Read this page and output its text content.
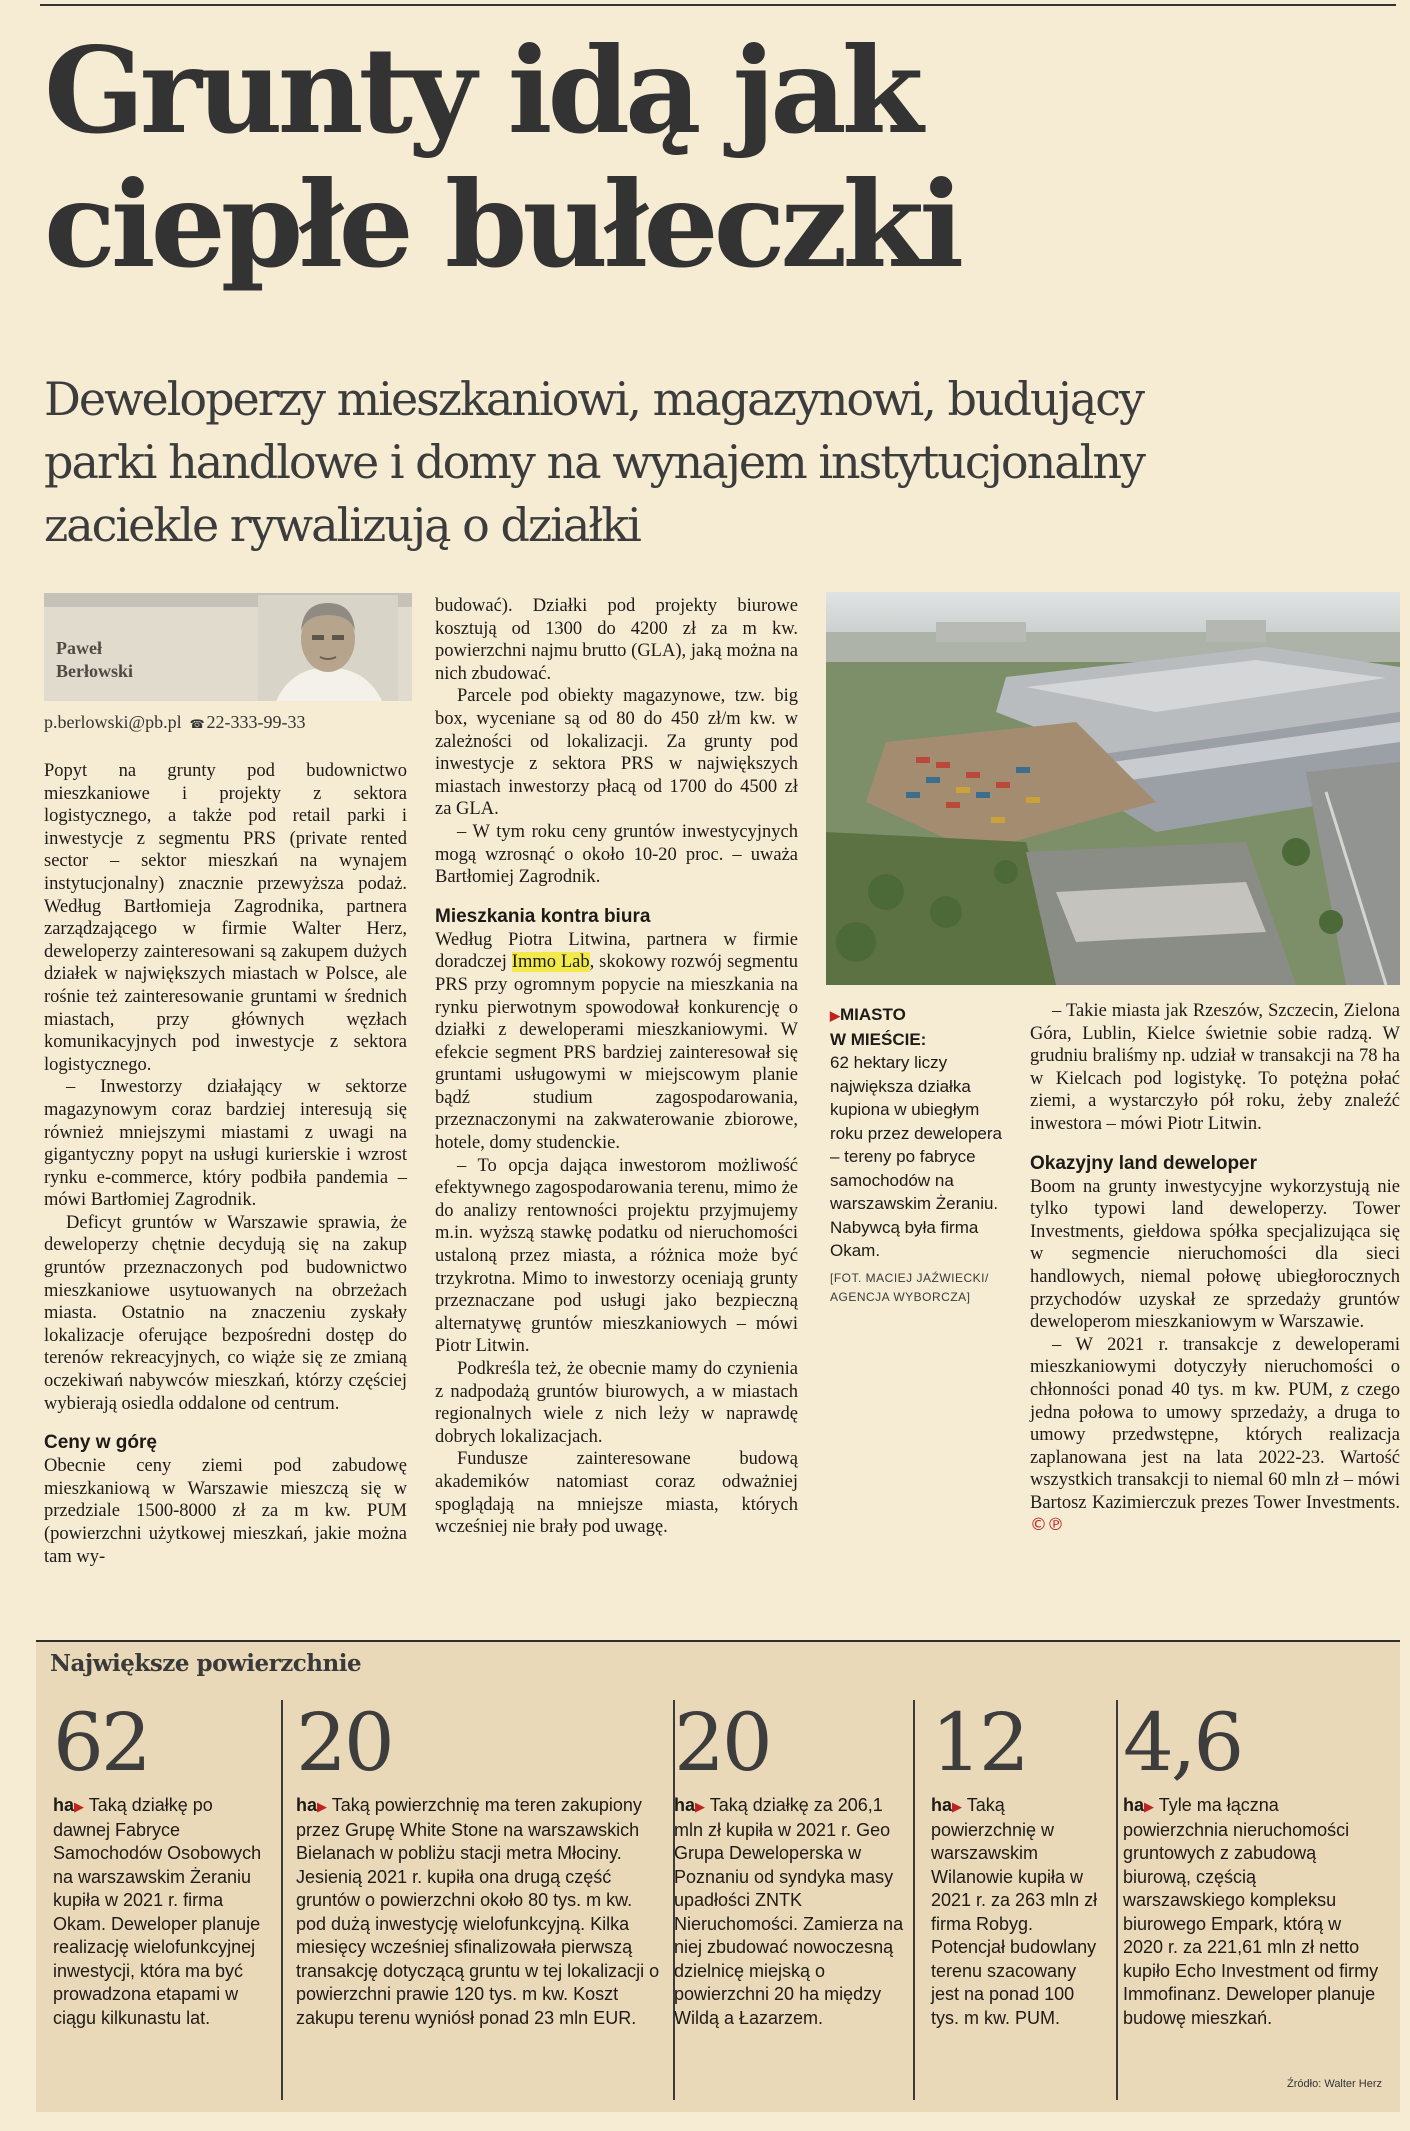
Grunty idą jak
ciepłe bułeczki
Deweloperzy mieszkaniowi, magazynowi, budujący
parki handlowe i domy na wynajem instytucjonalny
zaciekle rywalizują o działki
Paweł
Berłowski
p.berlowski@pb.pl ☎ 22-333-99-33

Popyt na grunty pod budownictwo mieszkaniowe i projekty z sektora logistycznego, a także pod retail parki i inwestycje z segmentu PRS (private rented sector – sektor mieszkań na wynajem instytucjonalny) znacznie przewyższa podaż. Według Bartłomieja Zagrodnika, partnera zarządzającego w firmie Walter Herz, deweloperzy zainteresowani są zakupem dużych działek w największych miastach w Polsce, ale rośnie też zainteresowanie gruntami w średnich miastach, przy głównych węzłach komunikacyjnych pod inwestycje z sektora logistycznego.

– Inwestorzy działający w sektorze magazynowym coraz bardziej interesują się również mniejszymi miastami z uwagi na gigantyczny popyt na usługi kurierskie i wzrost rynku e-commerce, który podbiła pandemia – mówi Bartłomiej Zagrodnik.

Deficyt gruntów w Warszawie sprawia, że deweloperzy chętnie decydują się na zakup gruntów przeznaczonych pod budownictwo mieszkaniowe usytuowanych na obrzeżach miasta. Ostatnio na znaczeniu zyskały lokalizacje oferujące bezpośredni dostęp do terenów rekreacyjnych, co wiąże się ze zmianą oczekiwań nabywców mieszkań, którzy częściej wybierają osiedla oddalone od centrum.

Ceny w górę

Obecnie ceny ziemi pod zabudowę mieszkaniową w Warszawie mieszczą się w przedziale 1500-8000 zł za m kw. PUM (powierzchni użytkowej mieszkań, jakie można tam wy-

budować). Działki pod projekty biurowe kosztują od 1300 do 4200 zł za m kw. powierzchni najmu brutto (GLA), jaką można na nich zbudować.

Parcele pod obiekty magazynowe, tzw. big box, wyceniane są od 80 do 450 zł/m kw. w zależności od lokalizacji. Za grunty pod inwestycje z sektora PRS w największych miastach inwestorzy płacą od 1700 do 4500 zł za GLA.

– W tym roku ceny gruntów inwestycyjnych mogą wzrosnąć o około 10-20 proc. – uważa Bartłomiej Zagrodnik.

Mieszkania kontra biura

Według Piotra Litwina, partnera w firmie doradczej Immo Lab, skokowy rozwój segmentu PRS przy ogromnym popycie na mieszkania na rynku pierwotnym spowodował konkurencję o działki z deweloperami mieszkaniowymi. W efekcie segment PRS bardziej zainteresował się gruntami usługowymi w miejscowym planie bądź studium zagospodarowania, przeznaczonymi na zakwaterowanie zbiorowe, hotele, domy studenckie.

– To opcja dająca inwestorom możliwość efektywnego zagospodarowania terenu, mimo że do analizy rentowności projektu przyjmujemy m.in. wyższą stawkę podatku od nieruchomości ustaloną przez miasta, a różnica może być trzykrotna. Mimo to inwestorzy oceniają grunty przeznaczane pod usługi jako bezpieczną alternatywę gruntów mieszkaniowych – mówi Piotr Litwin.

Podkreśla też, że obecnie mamy do czynienia z nadpodażą gruntów biurowych, a w miastach regionalnych wiele z nich leży w naprawdę dobrych lokalizacjach.

Fundusze zainteresowane budową akademików natomiast coraz odważniej spoglądają na mniejsze miasta, których wcześniej nie brały pod uwagę.

▶MIASTO
W MIEŚCIE:
62 hektary liczy największa działka kupiona w ubiegłym roku przez dewelopera – tereny po fabryce samochodów na warszawskim Żeraniu. Nabywcą była firma Okam.
[FOT. MACIEJ JAŹWIECKI/ AGENCJA WYBORCZA]

– Takie miasta jak Rzeszów, Szczecin, Zielona Góra, Lublin, Kielce świetnie sobie radzą. W grudniu braliśmy np. udział w transakcji na 78 ha w Kielcach pod logistykę. To potężna połać ziemi, a wystarczyło pół roku, żeby znaleźć inwestora – mówi Piotr Litwin.

Okazyjny land deweloper

Boom na grunty inwestycyjne wykorzystują nie tylko typowi land deweloperzy. Tower Investments, giełdowa spółka specjalizująca się w segmencie nieruchomości dla sieci handlowych, niemal połowę ubiegłorocznych przychodów uzyskał ze sprzedaży gruntów deweloperom mieszkaniowym w Warszawie.

– W 2021 r. transakcje z deweloperami mieszkaniowymi dotyczyły nieruchomości o chłonności ponad 40 tys. m kw. PUM, z czego jedna połowa to umowy sprzedaży, a druga to umowy przedwstępne, których realizacja zaplanowana jest na lata 2022-23. Wartość wszystkich transakcji to niemal 60 mln zł – mówi Bartosz Kazimierczuk prezes Tower Investments. ©℗

Największe powierzchnie
62
ha▶ Taką działkę po dawnej Fabryce Samochodów Osobowych na warszawskim Żeraniu kupiła w 2021 r. firma Okam. Deweloper planuje realizację wielofunkcyjnej inwestycji, która ma być prowadzona etapami w ciągu kilkunastu lat.
20
ha▶ Taką powierzchnię ma teren zakupiony przez Grupę White Stone na warszawskich Bielanach w pobliżu stacji metra Młociny. Jesienią 2021 r. kupiła ona drugą część gruntów o powierzchni około 80 tys. m kw. pod dużą inwestycję wielofunkcyjną. Kilka miesięcy wcześniej sfinalizowała pierwszą transakcję dotyczącą gruntu w tej lokalizacji o powierzchni prawie 120 tys. m kw. Koszt zakupu terenu wyniósł ponad 23 mln EUR.
20
ha▶ Taką działkę za 206,1 mln zł kupiła w 2021 r. Geo Grupa Deweloperska w Poznaniu od syndyka masy upadłości ZNTK Nieruchomości. Zamierza na niej zbudować nowoczesną dzielnicę miejską o powierzchni 20 ha między Wildą a Łazarzem.
12
ha▶ Taką powierzchnię w warszawskim Wilanowie kupiła w 2021 r. za 263 mln zł firma Robyg. Potencjał budowlany terenu szacowany jest na ponad 100 tys. m kw. PUM.
4,6
ha▶ Tyle ma łączna powierzchnia nieruchomości gruntowych z zabudową biurową, częścią warszawskiego kompleksu biurowego Empark, którą w 2020 r. za 221,61 mln zł netto kupiło Echo Investment od firmy Immofinanz. Deweloper planuje budowę mieszkań.
Źródło: Walter Herz
